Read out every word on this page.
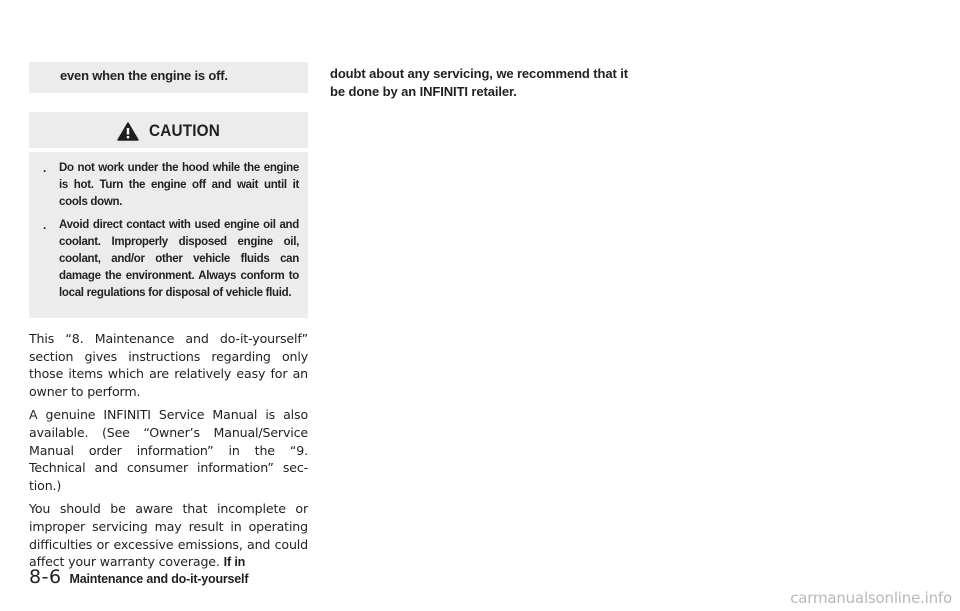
even when the engine is off.
CAUTION
. Do not work under the hood while the engine is hot. Turn the engine off and wait until it cools down.
. Avoid direct contact with used engine oil and coolant. Improperly disposed engine oil, coolant, and/or other vehicle fluids can damage the environment. Always conform to local regulations for disposal of vehicle fluid.

This “8. Maintenance and do-it-yourself” section gives instructions regarding only those items which are relatively easy for an owner to perform.

A genuine INFINITI Service Manual is also available. (See “Owner’s Manual/Service Manual order information” in the “9. Technical and consumer information” sec-tion.)

You should be aware that incomplete or improper servicing may result in operating difficulties or excessive emissions, and could affect your warranty coverage. If in

doubt about any servicing, we recommend that it be done by an INFINITI retailer.
8-6 Maintenance and do-it-yourself
carmanualsonline.info
